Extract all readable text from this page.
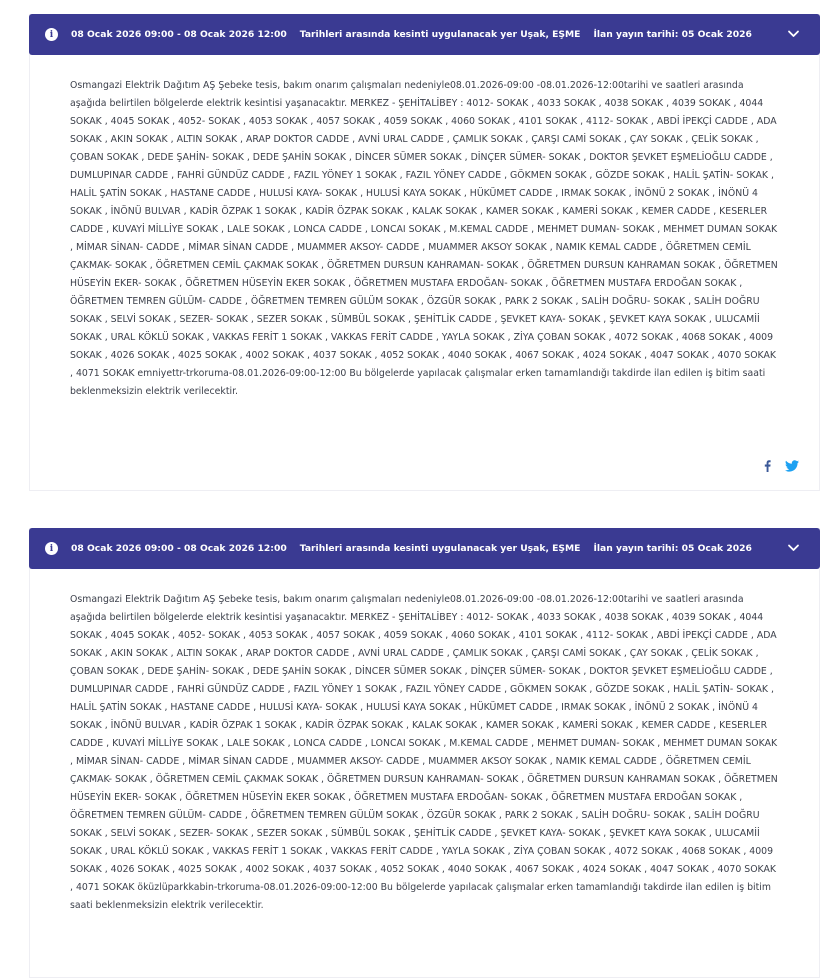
i	08 Ocak 2026 09:00 - 08 Ocak 2026 12:00 Tarihleri arasında kesinti uygulanacak yer Uşak, EŞME İlan yayın tarihi: 05 Ocak 2026
Osmangazi Elektrik Dağıtım AŞ Şebeke tesis, bakım onarım çalışmaları nedeniyle08.01.2026-09:00 -08.01.2026-12:00tarihi ve saatleri arasında aşağıda belirtilen bölgelerde elektrik kesintisi yaşanacaktır. MERKEZ - ŞEHİTALİBEY : 4012- SOKAK , 4033 SOKAK , 4038 SOKAK , 4039 SOKAK , 4044 SOKAK , 4045 SOKAK , 4052- SOKAK , 4053 SOKAK , 4057 SOKAK , 4059 SOKAK , 4060 SOKAK , 4101 SOKAK , 4112- SOKAK , ABDİ İPEKÇİ CADDE , ADA SOKAK , AKIN SOKAK , ALTIN SOKAK , ARAP DOKTOR CADDE , AVNİ URAL CADDE , ÇAMLIK SOKAK , ÇARŞI CAMİ SOKAK , ÇAY SOKAK , ÇELİK SOKAK , ÇOBAN SOKAK , DEDE ŞAHİN- SOKAK , DEDE ŞAHİN SOKAK , DİNCER SÜMER SOKAK , DİNÇER SÜMER- SOKAK , DOKTOR ŞEVKET EŞMELİOĞLU CADDE , DUMLUPINAR CADDE , FAHRİ GÜNDÜZ CADDE , FAZIL YÖNEY 1 SOKAK , FAZIL YÖNEY CADDE , GÖKMEN SOKAK , GÖZDE SOKAK , HALİL ŞATİN- SOKAK , HALİL ŞATİN SOKAK , HASTANE CADDE , HULUSİ KAYA- SOKAK , HULUSİ KAYA SOKAK , HÜKÜMET CADDE , IRMAK SOKAK , İNÖNÜ 2 SOKAK , İNÖNÜ 4 SOKAK , İNÖNÜ BULVAR , KADİR ÖZPAK 1 SOKAK , KADİR ÖZPAK SOKAK , KALAK SOKAK , KAMER SOKAK , KAMERİ SOKAK , KEMER CADDE , KESERLER CADDE , KUVAYİ MİLLİYE SOKAK , LALE SOKAK , LONCA CADDE , LONCAI SOKAK , M.KEMAL CADDE , MEHMET DUMAN- SOKAK , MEHMET DUMAN SOKAK , MİMAR SİNAN- CADDE , MİMAR SİNAN CADDE , MUAMMER AKSOY- CADDE , MUAMMER AKSOY SOKAK , NAMIK KEMAL CADDE , ÖĞRETMEN CEMİL ÇAKMAK- SOKAK , ÖĞRETMEN CEMİL ÇAKMAK SOKAK , ÖĞRETMEN DURSUN KAHRAMAN- SOKAK , ÖĞRETMEN DURSUN KAHRAMAN SOKAK , ÖĞRETMEN HÜSEYİN EKER- SOKAK , ÖĞRETMEN HÜSEYİN EKER SOKAK , ÖĞRETMEN MUSTAFA ERDOĞAN- SOKAK , ÖĞRETMEN MUSTAFA ERDOĞAN SOKAK , ÖĞRETMEN TEMREN GÜLÜM- CADDE , ÖĞRETMEN TEMREN GÜLÜM SOKAK , ÖZGÜR SOKAK , PARK 2 SOKAK , SALİH DOĞRU- SOKAK , SALİH DOĞRU SOKAK , SELVİ SOKAK , SEZER- SOKAK , SEZER SOKAK , SÜMBÜL SOKAK , ŞEHİTLİK CADDE , ŞEVKET KAYA- SOKAK , ŞEVKET KAYA SOKAK , ULUCAMİİ SOKAK , URAL KÖKLÜ SOKAK , VAKKAS FERİT 1 SOKAK , VAKKAS FERİT CADDE , YAYLA SOKAK , ZİYA ÇOBAN SOKAK , 4072 SOKAK , 4068 SOKAK , 4009 SOKAK , 4026 SOKAK , 4025 SOKAK , 4002 SOKAK , 4037 SOKAK , 4052 SOKAK , 4040 SOKAK , 4067 SOKAK , 4024 SOKAK , 4047 SOKAK , 4070 SOKAK , 4071 SOKAK emniyettr-trkoruma-08.01.2026-09:00-12:00 Bu bölgelerde yapılacak çalışmalar erken tamamlandığı takdirde ilan edilen iş bitim saati beklenmeksizin elektrik verilecektir.
i	08 Ocak 2026 09:00 - 08 Ocak 2026 12:00 Tarihleri arasında kesinti uygulanacak yer Uşak, EŞME İlan yayın tarihi: 05 Ocak 2026
Osmangazi Elektrik Dağıtım AŞ Şebeke tesis, bakım onarım çalışmaları nedeniyle08.01.2026-09:00 -08.01.2026-12:00tarihi ve saatleri arasında aşağıda belirtilen bölgelerde elektrik kesintisi yaşanacaktır. MERKEZ - ŞEHİTALİBEY : 4012- SOKAK , 4033 SOKAK , 4038 SOKAK , 4039 SOKAK , 4044 SOKAK , 4045 SOKAK , 4052- SOKAK , 4053 SOKAK , 4057 SOKAK , 4059 SOKAK , 4060 SOKAK , 4101 SOKAK , 4112- SOKAK , ABDİ İPEKÇİ CADDE , ADA SOKAK , AKIN SOKAK , ALTIN SOKAK , ARAP DOKTOR CADDE , AVNİ URAL CADDE , ÇAMLIK SOKAK , ÇARŞI CAMİ SOKAK , ÇAY SOKAK , ÇELİK SOKAK , ÇOBAN SOKAK , DEDE ŞAHİN- SOKAK , DEDE ŞAHİN SOKAK , DİNCER SÜMER SOKAK , DİNÇER SÜMER- SOKAK , DOKTOR ŞEVKET EŞMELİOĞLU CADDE , DUMLUPINAR CADDE , FAHRİ GÜNDÜZ CADDE , FAZIL YÖNEY 1 SOKAK , FAZIL YÖNEY CADDE , GÖKMEN SOKAK , GÖZDE SOKAK , HALİL ŞATİN- SOKAK , HALİL ŞATİN SOKAK , HASTANE CADDE , HULUSİ KAYA- SOKAK , HULUSİ KAYA SOKAK , HÜKÜMET CADDE , IRMAK SOKAK , İNÖNÜ 2 SOKAK , İNÖNÜ 4 SOKAK , İNÖNÜ BULVAR , KADİR ÖZPAK 1 SOKAK , KADİR ÖZPAK SOKAK , KALAK SOKAK , KAMER SOKAK , KAMERİ SOKAK , KEMER CADDE , KESERLER CADDE , KUVAYİ MİLLİYE SOKAK , LALE SOKAK , LONCA CADDE , LONCAI SOKAK , M.KEMAL CADDE , MEHMET DUMAN- SOKAK , MEHMET DUMAN SOKAK , MİMAR SİNAN- CADDE , MİMAR SİNAN CADDE , MUAMMER AKSOY- CADDE , MUAMMER AKSOY SOKAK , NAMIK KEMAL CADDE , ÖĞRETMEN CEMİL ÇAKMAK- SOKAK , ÖĞRETMEN CEMİL ÇAKMAK SOKAK , ÖĞRETMEN DURSUN KAHRAMAN- SOKAK , ÖĞRETMEN DURSUN KAHRAMAN SOKAK , ÖĞRETMEN HÜSEYİN EKER- SOKAK , ÖĞRETMEN HÜSEYİN EKER SOKAK , ÖĞRETMEN MUSTAFA ERDOĞAN- SOKAK , ÖĞRETMEN MUSTAFA ERDOĞAN SOKAK , ÖĞRETMEN TEMREN GÜLÜM- CADDE , ÖĞRETMEN TEMREN GÜLÜM SOKAK , ÖZGÜR SOKAK , PARK 2 SOKAK , SALİH DOĞRU- SOKAK , SALİH DOĞRU SOKAK , SELVİ SOKAK , SEZER- SOKAK , SEZER SOKAK , SÜMBÜL SOKAK , ŞEHİTLİK CADDE , ŞEVKET KAYA- SOKAK , ŞEVKET KAYA SOKAK , ULUCAMİİ SOKAK , URAL KÖKLÜ SOKAK , VAKKAS FERİT 1 SOKAK , VAKKAS FERİT CADDE , YAYLA SOKAK , ZİYA ÇOBAN SOKAK , 4072 SOKAK , 4068 SOKAK , 4009 SOKAK , 4026 SOKAK , 4025 SOKAK , 4002 SOKAK , 4037 SOKAK , 4052 SOKAK , 4040 SOKAK , 4067 SOKAK , 4024 SOKAK , 4047 SOKAK , 4070 SOKAK , 4071 SOKAK öküzlüparkkabin-trkoruma-08.01.2026-09:00-12:00 Bu bölgelerde yapılacak çalışmalar erken tamamlandığı takdirde ilan edilen iş bitim saati beklenmeksizin elektrik verilecektir.
